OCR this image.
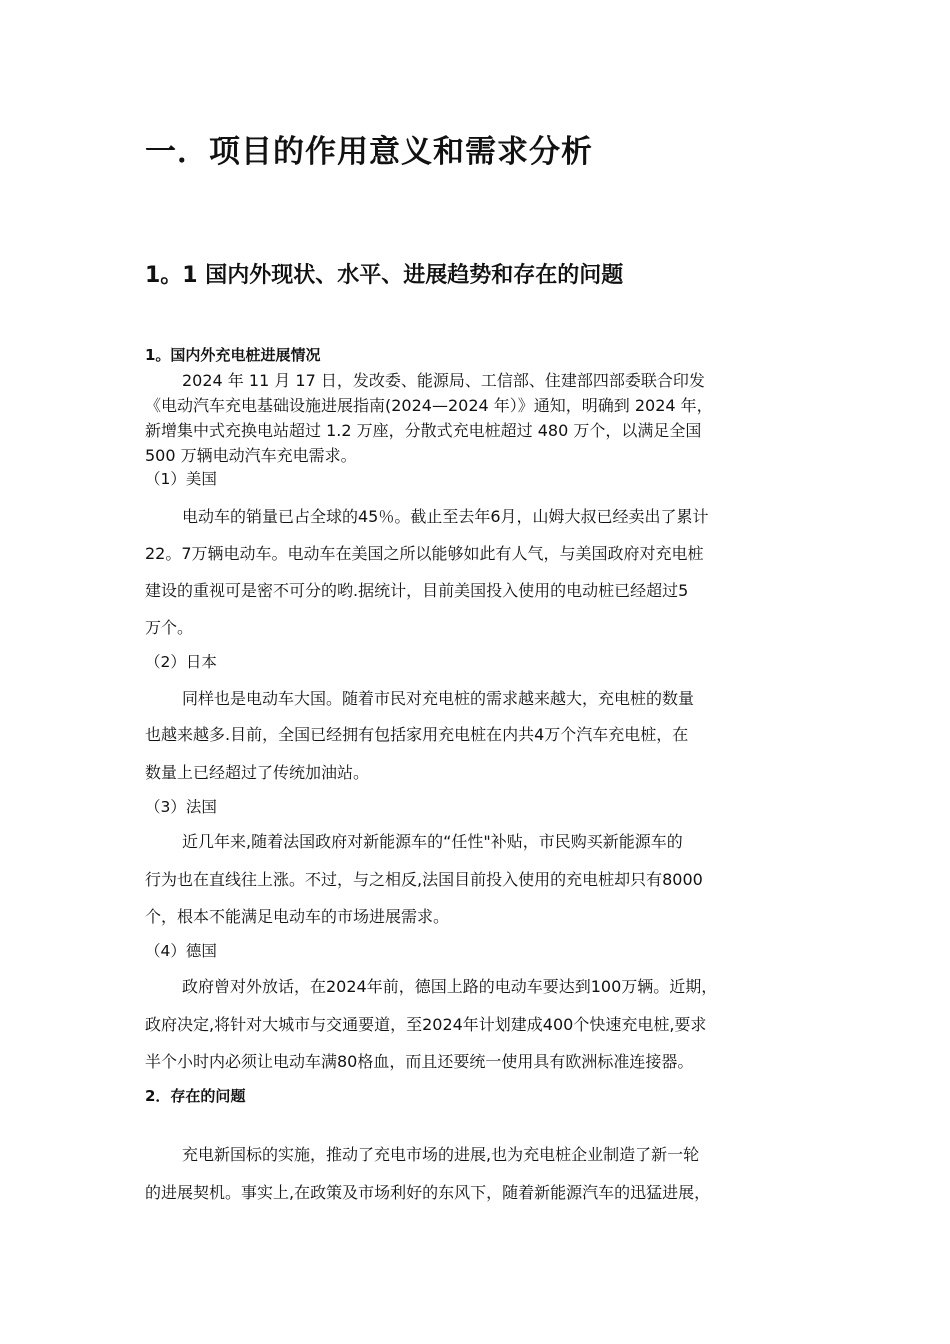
一．项目的作用意义和需求分析
1。1 国内外现状、水平、进展趋势和存在的问题
1。国内外充电桩进展情况
2024 年 11 月 17 日，发改委、能源局、工信部、住建部四部委联合印发
《电动汽车充电基础设施进展指南(2024—2024 年）》通知，明确到 2024 年，
新增集中式充换电站超过 1.2 万座，分散式充电桩超过 480 万个，以满足全国
500 万辆电动汽车充电需求。
（1）美国
电动车的销量已占全球的45％。截止至去年6月，山姆大叔已经卖出了累计
22。7万辆电动车。电动车在美国之所以能够如此有人气，与美国政府对充电桩
建设的重视可是密不可分的哟.据统计，目前美国投入使用的电动桩已经超过5
万个。
（2）日本
同样也是电动车大国。随着市民对充电桩的需求越来越大，充电桩的数量
也越来越多.目前，全国已经拥有包括家用充电桩在内共4万个汽车充电桩，在
数量上已经超过了传统加油站。
（3）法国
近几年来,随着法国政府对新能源车的“任性"补贴，市民购买新能源车的
行为也在直线往上涨。不过，与之相反,法国目前投入使用的充电桩却只有8000
个，根本不能满足电动车的市场进展需求。
（4）德国
政府曾对外放话，在2024年前，德国上路的电动车要达到100万辆。近期，
政府决定,将针对大城市与交通要道，至2024年计划建成400个快速充电桩,要求
半个小时内必须让电动车满80格血，而且还要统一使用具有欧洲标准连接器。
2．存在的问题
充电新国标的实施，推动了充电市场的进展,也为充电桩企业制造了新一轮
的进展契机。事实上,在政策及市场利好的东风下，随着新能源汽车的迅猛进展，
